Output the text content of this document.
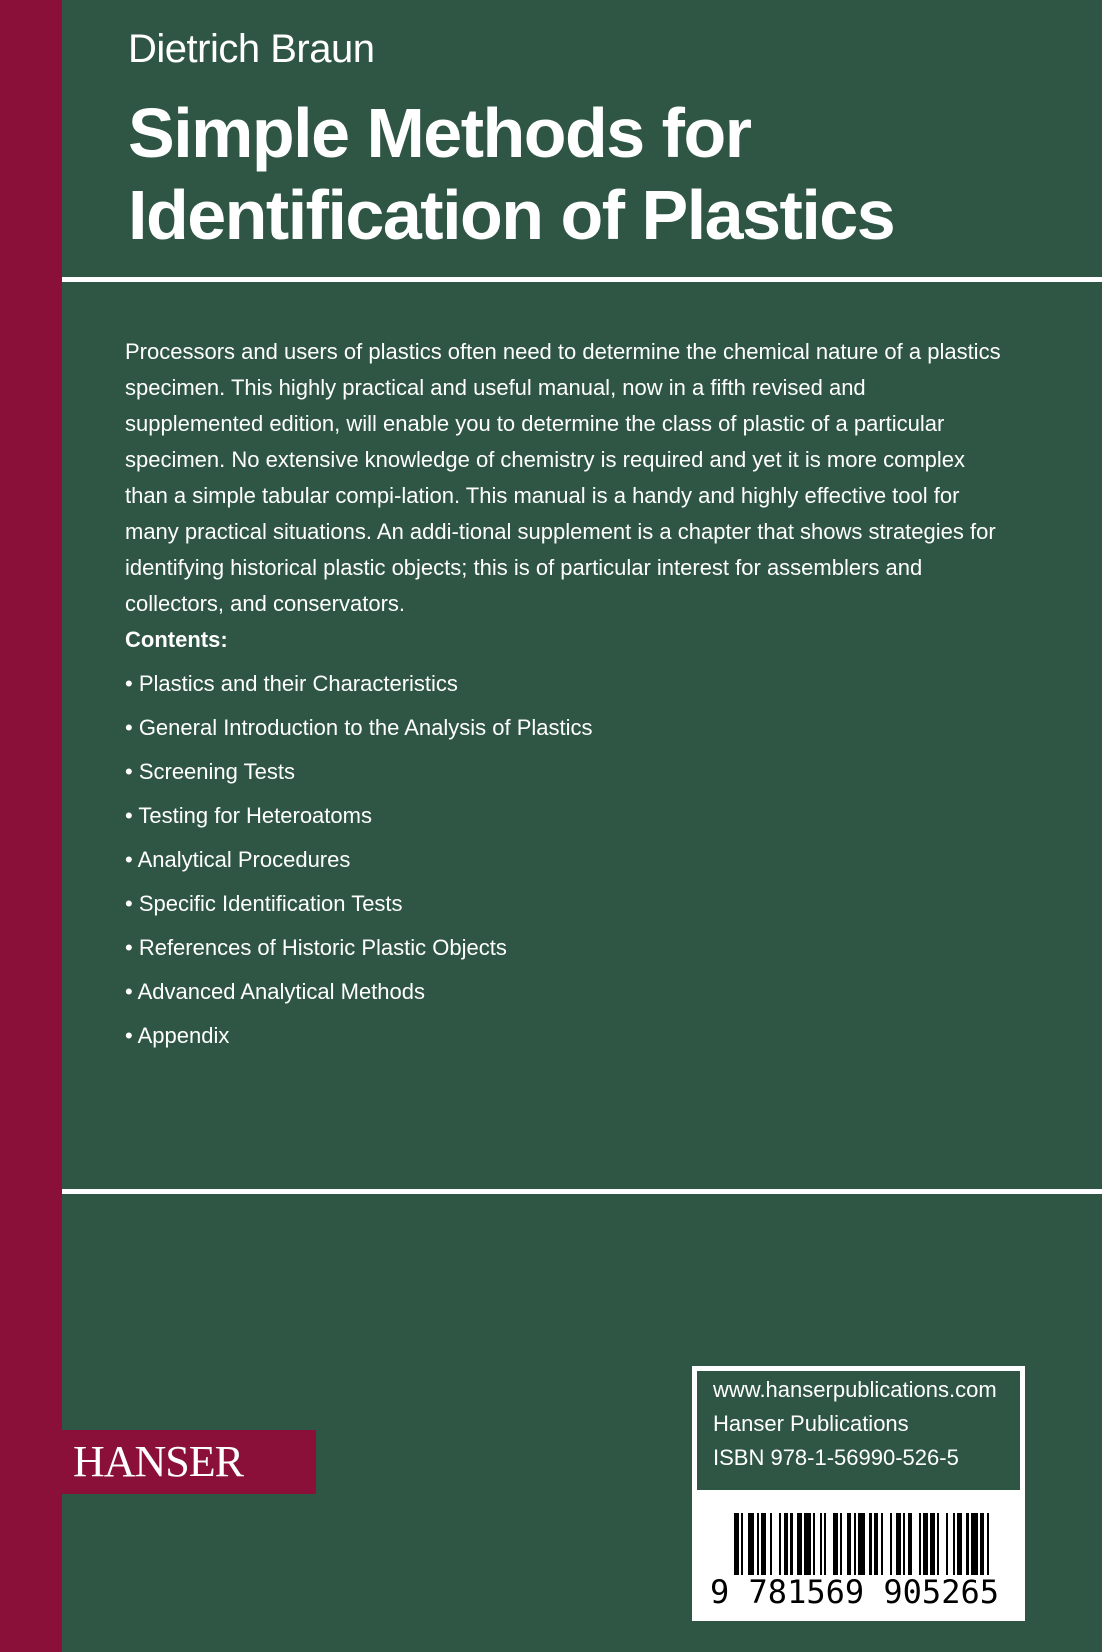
Dietrich Braun
Simple Methods for
Identification of Plastics

Processors and users of plastics often need to determine the chemical nature of a plastics specimen. This highly practical and useful manual, now in a fifth revised and supplemented edition, will enable you to determine the class of plastic of a particular specimen. No extensive knowledge of chemistry is required and yet it is more complex than a simple tabular compi-lation. This manual is a handy and highly effective tool for many practical situations. An addi-tional supplement is a chapter that shows strategies for identifying historical plastic objects; this is of particular interest for assemblers and collectors, and conservators.

Contents:
• Plastics and their Characteristics
• General Introduction to the Analysis of Plastics
• Screening Tests
• Testing for Heteroatoms
• Analytical Procedures
• Specific Identification Tests
• References of Historic Plastic Objects
• Advanced Analytical Methods
• Appendix
HANSER
www.hanserpublications.com
Hanser Publications
ISBN 978-1-56990-526-5
9 781569 905265
